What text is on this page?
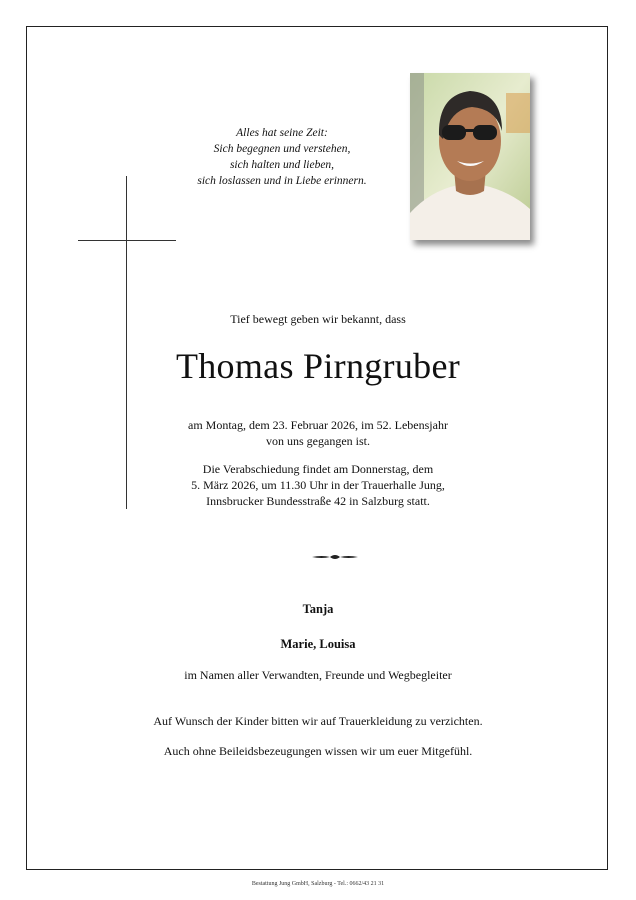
Alles hat seine Zeit:
Sich begegnen und verstehen,
sich halten und lieben,
sich loslassen und in Liebe erinnern.
Tief bewegt geben wir bekannt, dass
Thomas Pirngruber
am Montag, dem 23. Februar 2026, im 52. Lebensjahr
von uns gegangen ist.
Die Verabschiedung findet am Donnerstag, dem
5. März 2026, um 11.30 Uhr in der Trauerhalle Jung,
Innsbrucker Bundesstraße 42 in Salzburg statt.
Tanja
Marie, Louisa
im Namen aller Verwandten, Freunde und Wegbegleiter
Auf Wunsch der Kinder bitten wir auf Trauerkleidung zu verzichten.
Auch ohne Beileidsbezeugungen wissen wir um euer Mitgefühl.
Bestattung Jung GmbH, Salzburg - Tel.: 0662/43 21 31
